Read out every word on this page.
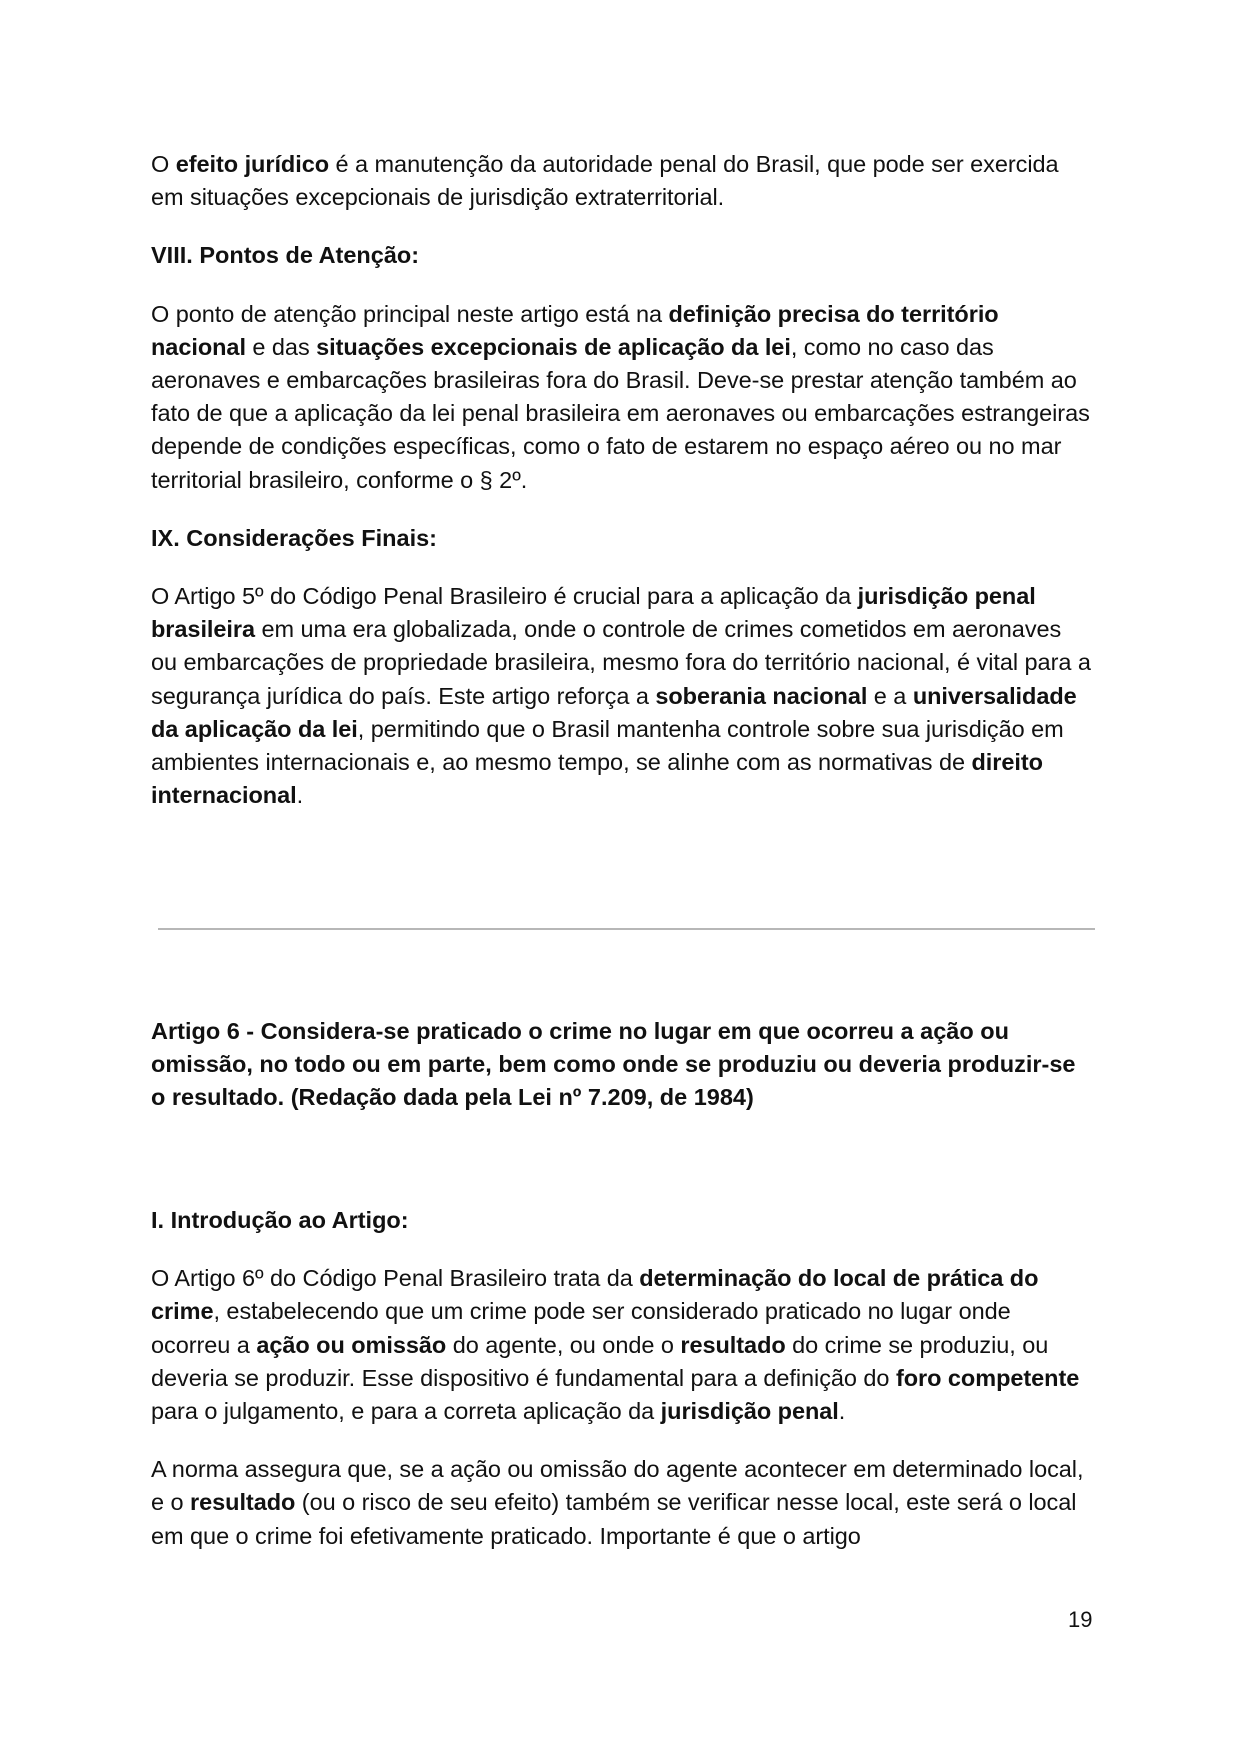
O efeito jurídico é a manutenção da autoridade penal do Brasil, que pode ser exercida em situações excepcionais de jurisdição extraterritorial.

VIII. Pontos de Atenção:

O ponto de atenção principal neste artigo está na definição precisa do território nacional e das situações excepcionais de aplicação da lei, como no caso das aeronaves e embarcações brasileiras fora do Brasil. Deve-se prestar atenção também ao fato de que a aplicação da lei penal brasileira em aeronaves ou embarcações estrangeiras depende de condições específicas, como o fato de estarem no espaço aéreo ou no mar territorial brasileiro, conforme o § 2º.

IX. Considerações Finais:

O Artigo 5º do Código Penal Brasileiro é crucial para a aplicação da jurisdição penal brasileira em uma era globalizada, onde o controle de crimes cometidos em aeronaves ou embarcações de propriedade brasileira, mesmo fora do território nacional, é vital para a segurança jurídica do país. Este artigo reforça a soberania nacional e a universalidade da aplicação da lei, permitindo que o Brasil mantenha controle sobre sua jurisdição em ambientes internacionais e, ao mesmo tempo, se alinhe com as normativas de direito internacional.

Artigo 6 - Considera-se praticado o crime no lugar em que ocorreu a ação ou omissão, no todo ou em parte, bem como onde se produziu ou deveria produzir-se o resultado. (Redação dada pela Lei nº 7.209, de 1984)
I. Introdução ao Artigo:

O Artigo 6º do Código Penal Brasileiro trata da determinação do local de prática do crime, estabelecendo que um crime pode ser considerado praticado no lugar onde ocorreu a ação ou omissão do agente, ou onde o resultado do crime se produziu, ou deveria se produzir. Esse dispositivo é fundamental para a definição do foro competente para o julgamento, e para a correta aplicação da jurisdição penal.

A norma assegura que, se a ação ou omissão do agente acontecer em determinado local, e o resultado (ou o risco de seu efeito) também se verificar nesse local, este será o local em que o crime foi efetivamente praticado. Importante é que o artigo

19
